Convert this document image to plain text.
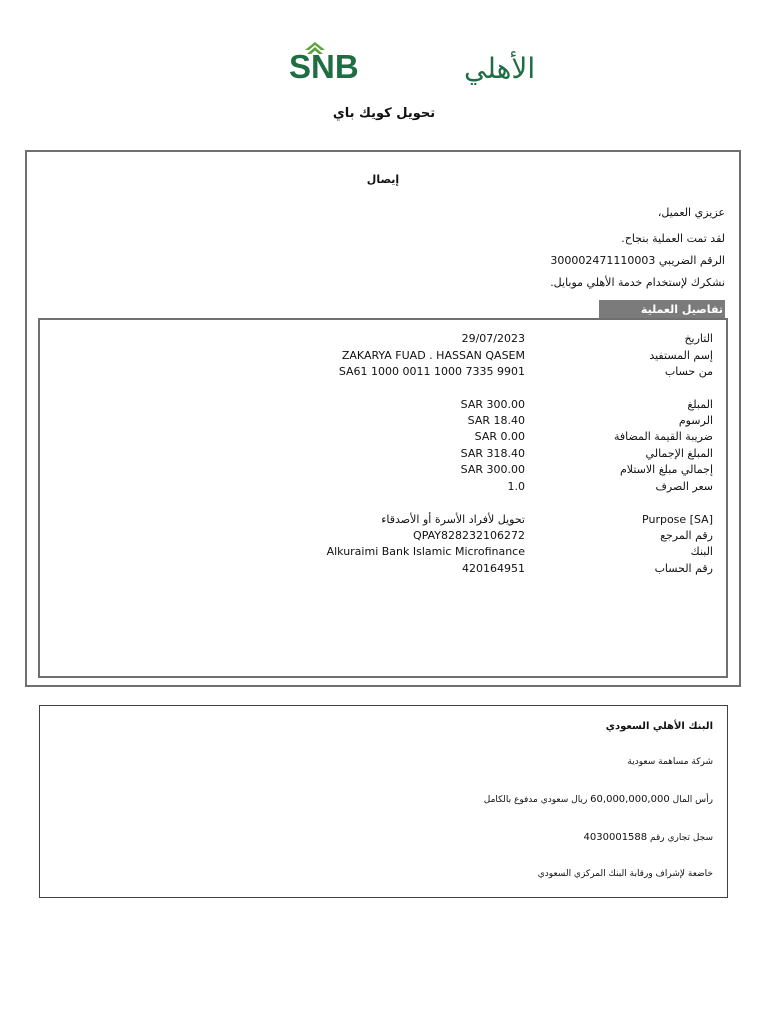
SNB	الأهلي
تحويل كويك باي
إيصال
عزيزي العميل،
لقد تمت العملية بنجاح.
الرقم الضريبي 300002471110003
نشكرك لإستخدام خدمة الأهلي موبايل.
تفاصيل العملية
التاريخ
29/07/2023
إسم المستفيد
ZAKARYA FUAD . HASSAN QASEM
من حساب
SA61 1000 0011 1000 7335 9901
المبلغ
300.00 SAR
الرسوم
18.40 SAR
ضريبة القيمة المضافة
0.00 SAR
المبلغ الإجمالي
318.40 SAR
إجمالي مبلغ الاستلام
300.00 SAR
سعر الصرف
1.0
[SA] Purpose
تحويل لأفراد الأسرة أو الأصدقاء
رقم المرجع
QPAY828232106272
البنك
Alkuraimi Bank Islamic Microfinance
رقم الحساب
420164951
البنك الأهلي السعودي
شركة مساهمة سعودية
رأس المال 60,000,000,000 ريال سعودي مدفوع بالكامل
سجل تجاري رقم 4030001588
خاضعة لإشراف ورقابة البنك المركزي السعودي
